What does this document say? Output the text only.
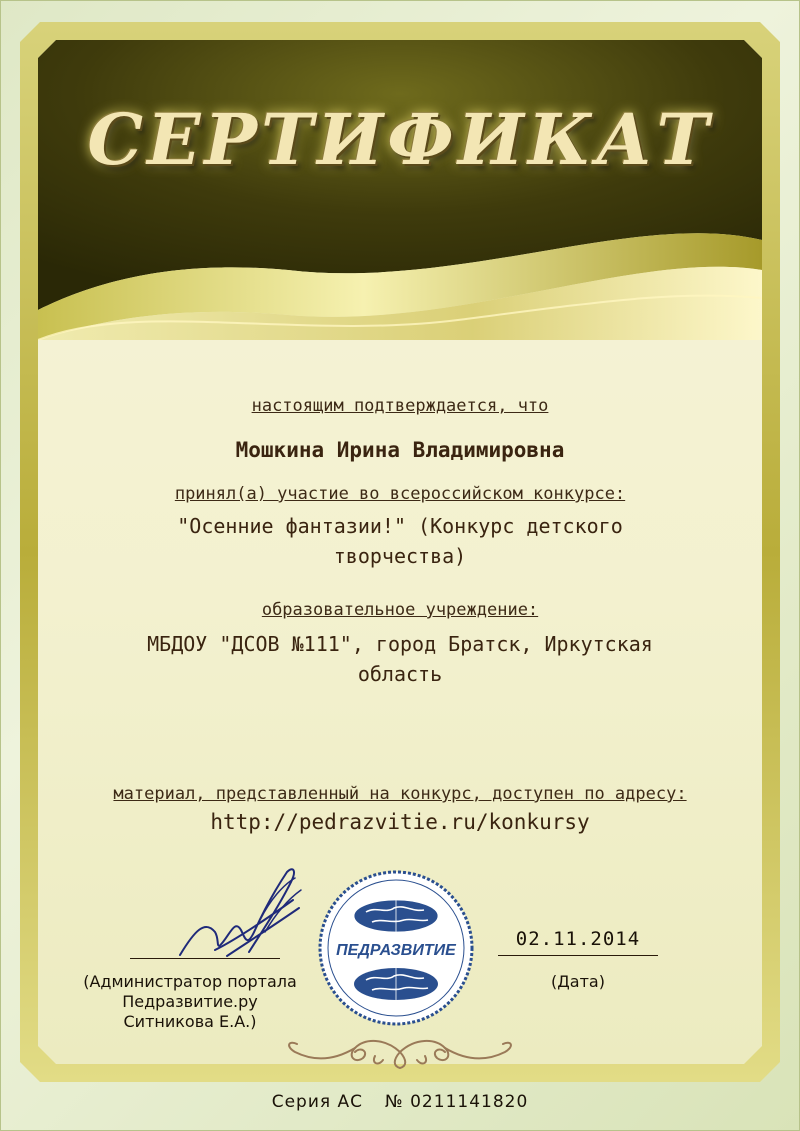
СЕРТИФИКАТ
настоящим подтверждается, что
Мошкина Ирина Владимировна
принял(а) участие во всероссийском конкурсе:
"Осенние фантазии!" (Конкурс детского
творчества)
образовательное учреждение:
МБДОУ "ДСОВ №111", город Братск, Иркутская
область
материал, представленный на конкурс, доступен по адресу:
http://pedrazvitie.ru/konkursy
(Администратор портала
Педразвитие.ру
Ситникова Е.А.)
ПЕДРАЗВИТИЕ
02.11.2014
(Дата)
Серия АС № 0211141820
